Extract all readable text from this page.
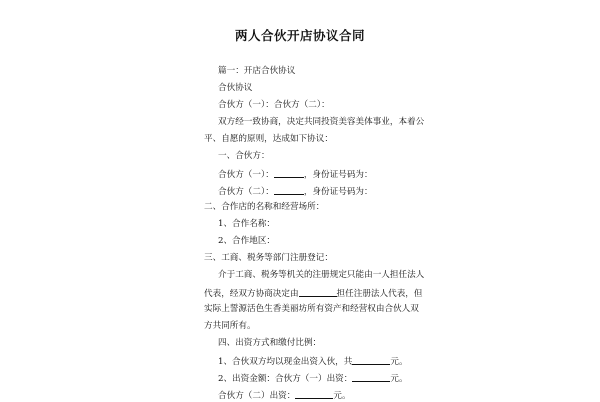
两人合伙开店协议合同
篇一：开店合伙协议
合伙协议
合伙方（一）：合伙方（二）：
双方经一致协商，决定共同投资美容美体事业，本着公
平、自愿的原则，达成如下协议：
一、合伙方：
合伙方（一）：	，身份证号码为：
合伙方（二）：	，身份证号码为：
二、合作店的名称和经营场所：
1、合作名称：
2、合作地区：
三、工商、税务等部门注册登记：
介于工商、税务等机关的注册规定只能由一人担任法人
代表，经双方协商决定由	担任注册法人代表，但
实际上誓源活色生香美丽坊所有资产和经营权由合伙人双
方共同所有。
四、出资方式和缴付比例：
1、合伙双方均以现金出资入伙，共	元。
2、出资金额：合伙方（一）出资：	元。
合伙方（二）出资：	元。
